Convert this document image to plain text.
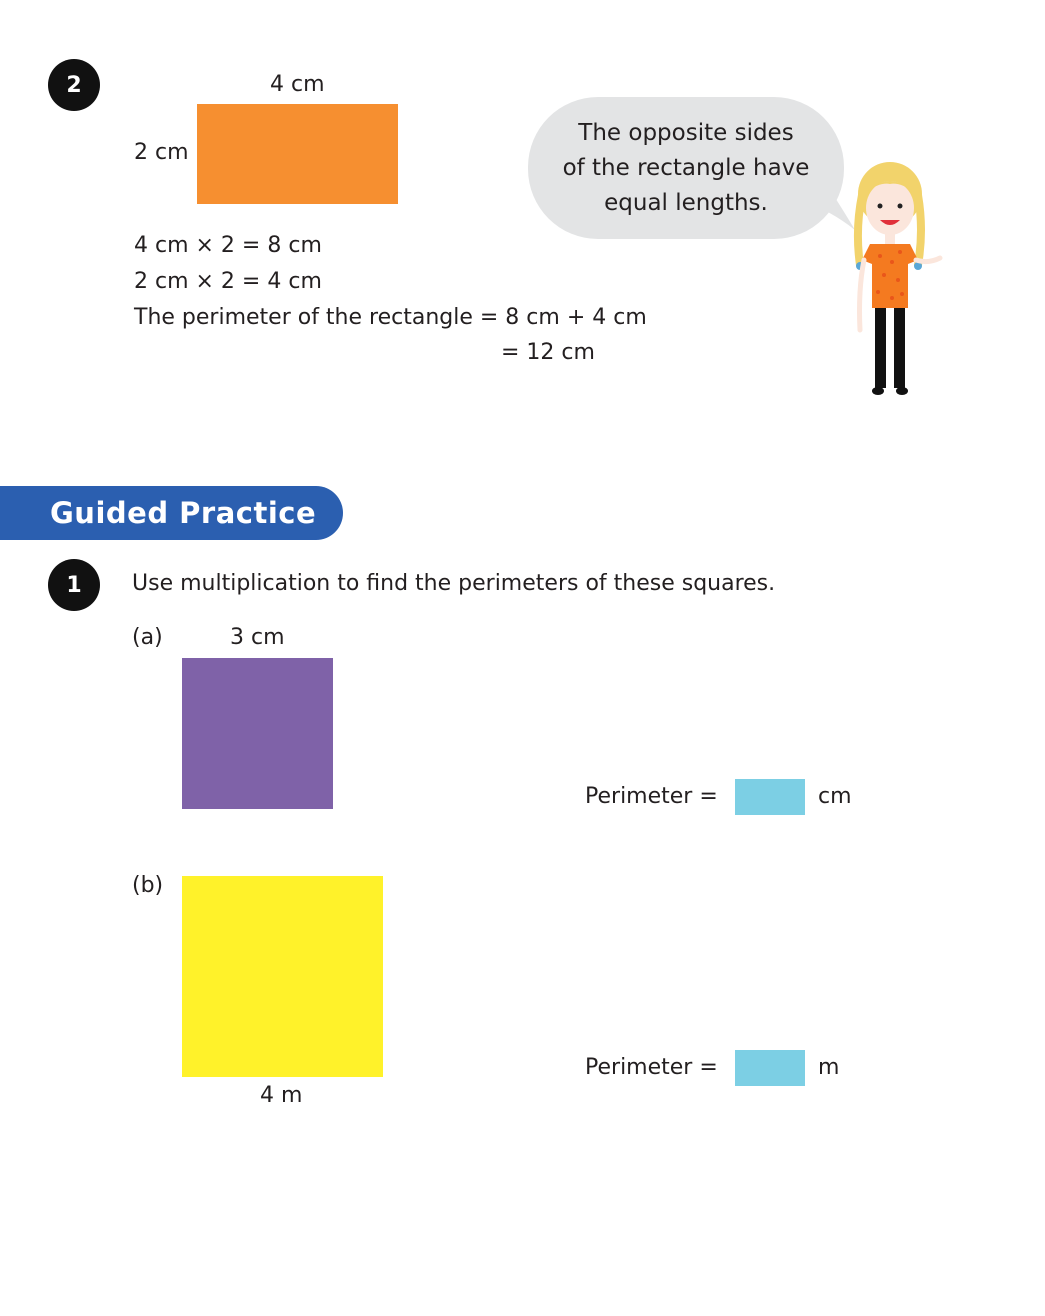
2	4 cm
2 cm
4 cm × 2 = 8 cm
2 cm × 2 = 4 cm
The perimeter of the rectangle = 8 cm + 4 cm
= 12 cm
The opposite sides
of the rectangle have
equal lengths.
Guided Practice
1	Use multiplication to find the perimeters of these squares.
(a)	3 cm
Perimeter =	cm
(b)
4 m
Perimeter =	m
